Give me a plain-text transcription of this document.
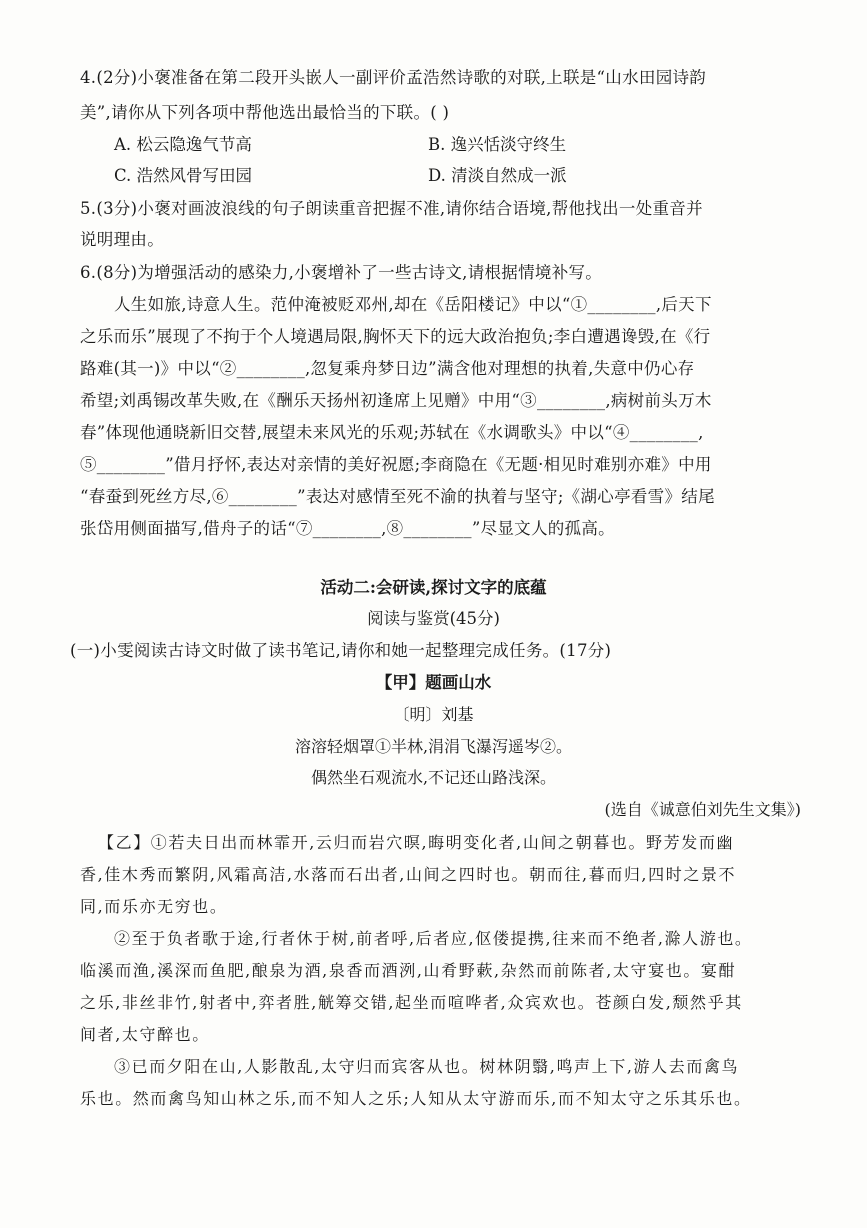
4.(2分)小褒准备在第二段开头嵌人一副评价孟浩然诗歌的对联,上联是“山水田园诗韵
美”,请你从下列各项中帮他选出最恰当的下联。( )
A. 松云隐逸气节高	B. 逸兴恬淡守终生
C. 浩然风骨写田园	D. 清淡自然成一派
5.(3分)小褒对画波浪线的句子朗读重音把握不准,请你结合语境,帮他找出一处重音并
说明理由。
6.(8分)为增强活动的感染力,小褒增补了一些古诗文,请根据情境补写。
人生如旅,诗意人生。范仲淹被贬邓州,却在《岳阳楼记》中以“①________,后天下
之乐而乐”展现了不拘于个人境遇局限,胸怀天下的远大政治抱负;李白遭遇谗毁,在《行
路难(其一)》中以“②________,忽复乘舟梦日边”满含他对理想的执着,失意中仍心存
希望;刘禹锡改革失败,在《酬乐天扬州初逢席上见赠》中用“③________,病树前头万木
春”体现他通晓新旧交替,展望未来风光的乐观;苏轼在《水调歌头》中以“④________,
⑤________”借月抒怀,表达对亲情的美好祝愿;李商隐在《无题·相见时难别亦难》中用
“春蚕到死丝方尽,⑥________”表达对感情至死不渝的执着与坚守;《湖心亭看雪》结尾
张岱用侧面描写,借舟子的话“⑦________,⑧________”尽显文人的孤高。
活动二:会研读,探讨文字的底蕴
阅读与鉴赏(45分)
(一)小雯阅读古诗文时做了读书笔记,请你和她一起整理完成任务。(17分)
【甲】题画山水
〔明〕刘基
溶溶轻烟罩①半林,涓涓飞瀑泻遥岑②。
偶然坐石观流水,不记还山路浅深。
(选自《诚意伯刘先生文集》)
【乙】①若夫日出而林霏开,云归而岩穴暝,晦明变化者,山间之朝暮也。野芳发而幽
香,佳木秀而繁阴,风霜高洁,水落而石出者,山间之四时也。朝而往,暮而归,四时之景不
同,而乐亦无穷也。
②至于负者歌于途,行者休于树,前者呼,后者应,伛偻提携,往来而不绝者,滁人游也。
临溪而渔,溪深而鱼肥,酿泉为酒,泉香而酒洌,山肴野蔌,杂然而前陈者,太守宴也。宴酣
之乐,非丝非竹,射者中,弈者胜,觥筹交错,起坐而喧哗者,众宾欢也。苍颜白发,颓然乎其
间者,太守醉也。
③已而夕阳在山,人影散乱,太守归而宾客从也。树林阴翳,鸣声上下,游人去而禽鸟
乐也。然而禽鸟知山林之乐,而不知人之乐;人知从太守游而乐,而不知太守之乐其乐也。
